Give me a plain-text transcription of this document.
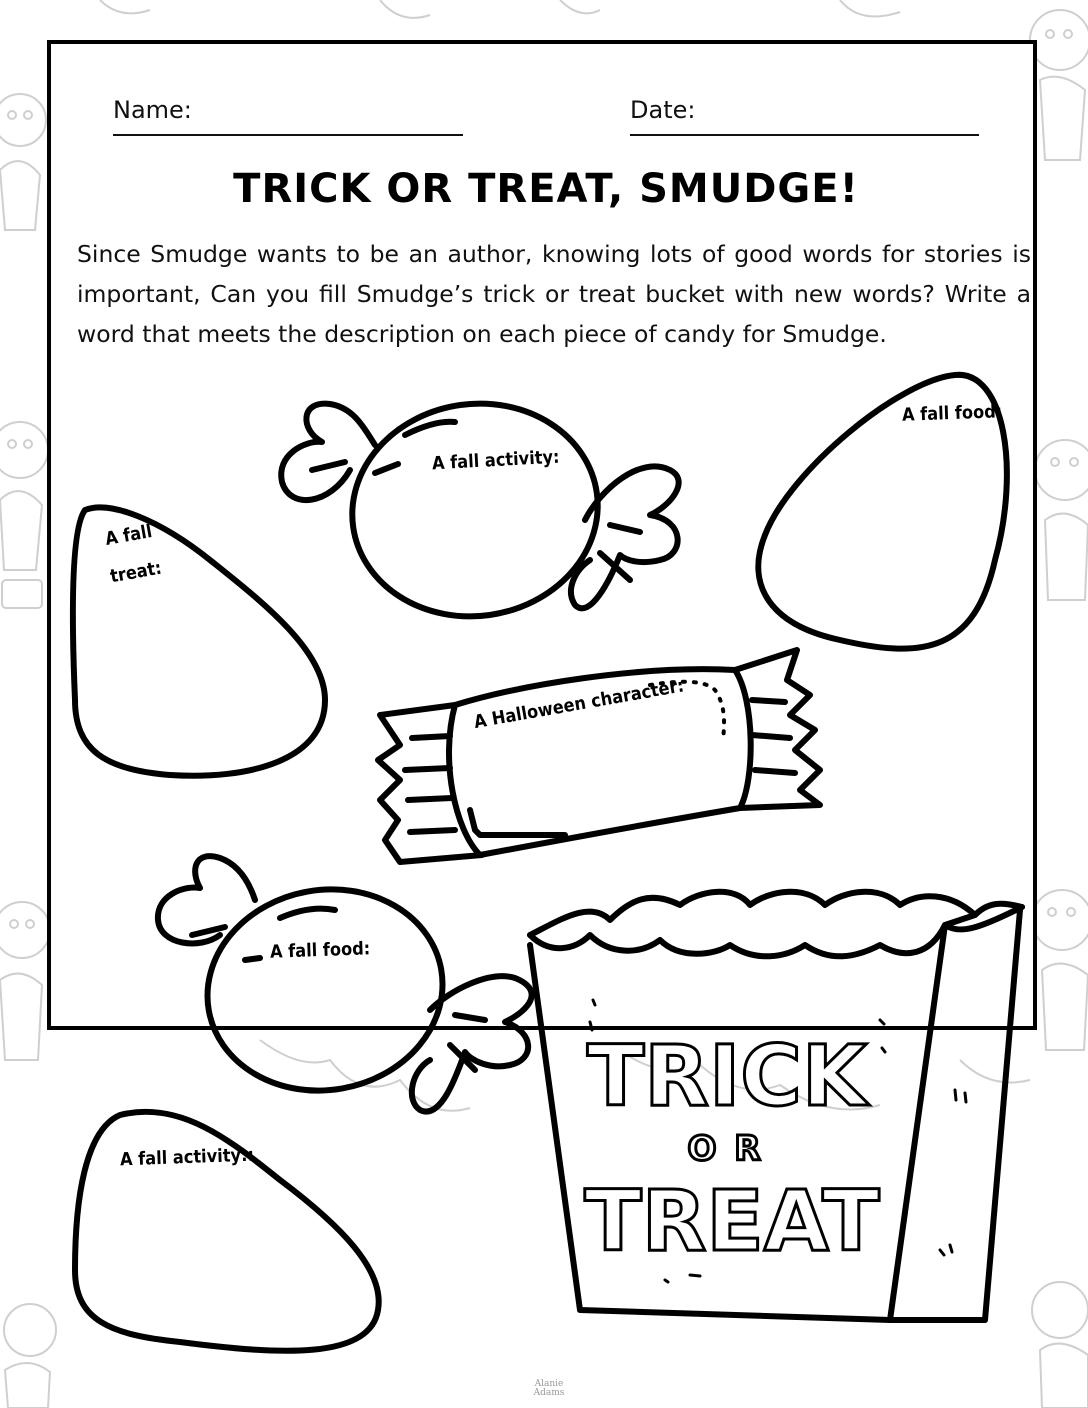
Name:	Date:
TRICK OR TREAT, SMUDGE!
Since Smudge wants to be an author, knowing lots of good words for stories is important, Can you fill Smudge’s trick or treat bucket with new words? Write a word that meets the description on each piece of candy for Smudge.
TRICK
OR
TREAT
A fall activity:
A fall food:
A fall
treat:
A Halloween character:
A fall food:
A fall activity::
Alanie Adams
